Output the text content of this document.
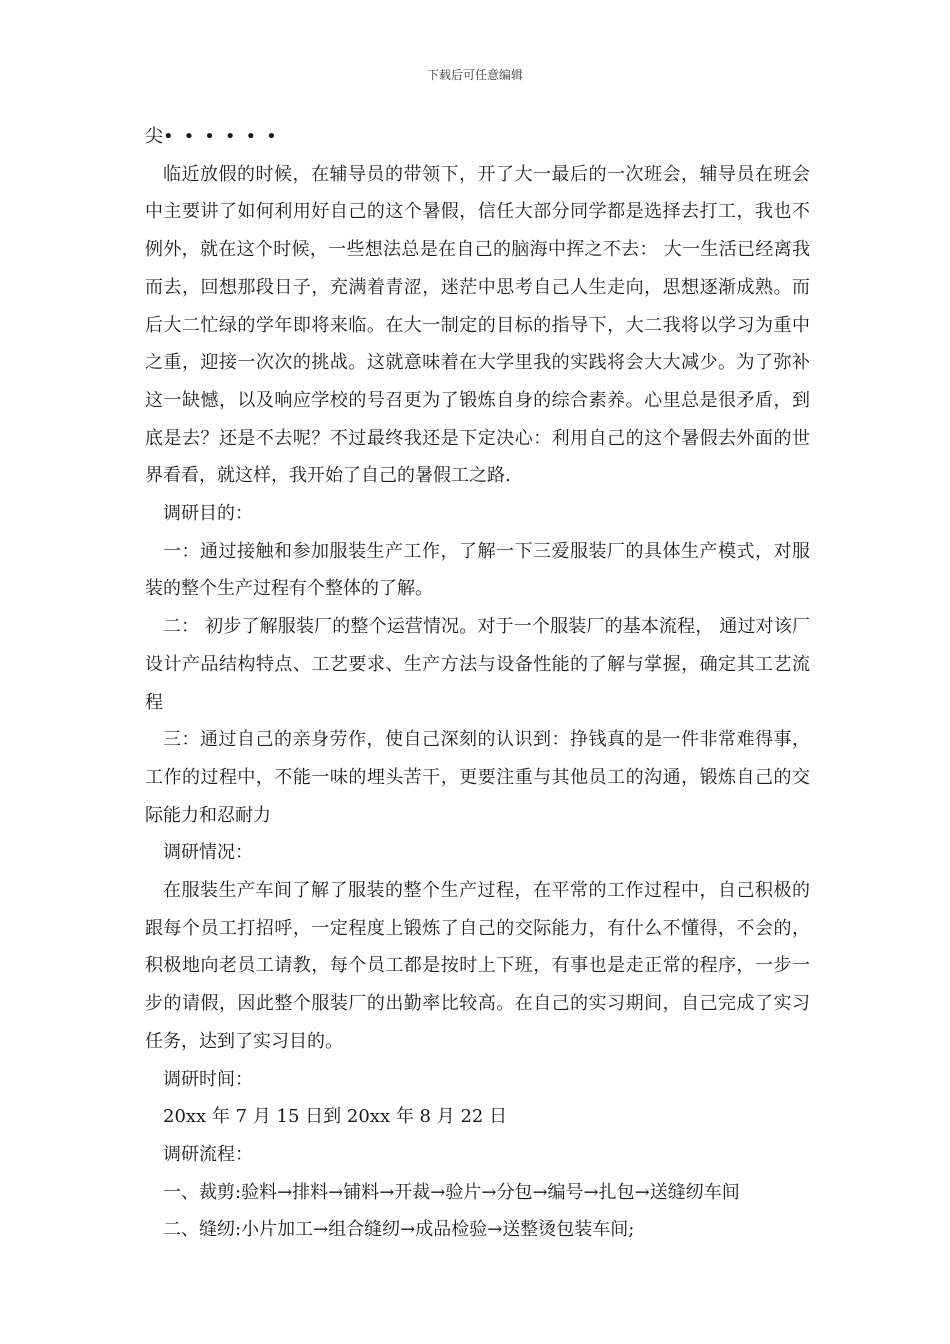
下载后可任意编辑

尖••••••

临近放假的时候，在辅导员的带领下，开了大一最后的一次班会，辅导员在班会中主要讲了如何利用好自己的这个暑假，信任大部分同学都是选择去打工，我也不例外，就在这个时候，一些想法总是在自己的脑海中挥之不去： 大一生活已经离我而去，回想那段日子，充满着青涩，迷茫中思考自己人生走向，思想逐渐成熟。而后大二忙绿的学年即将来临。在大一制定的目标的指导下，大二我将以学习为重中之重，迎接一次次的挑战。这就意味着在大学里我的实践将会大大减少。为了弥补这一缺憾，以及响应学校的号召更为了锻炼自身的综合素养。心里总是很矛盾，到底是去？还是不去呢？不过最终我还是下定决心：利用自己的这个暑假去外面的世界看看，就这样，我开始了自己的暑假工之路.

调研目的：

一：通过接触和参加服装生产工作，了解一下三爱服装厂的具体生产模式，对服装的整个生产过程有个整体的了解。

二： 初步了解服装厂的整个运营情况。对于一个服装厂的基本流程， 通过对该厂设计产品结构特点、工艺要求、生产方法与设备性能的了解与掌握，确定其工艺流程

三：通过自己的亲身劳作，使自己深刻的认识到：挣钱真的是一件非常难得事，工作的过程中，不能一味的埋头苦干，更要注重与其他员工的沟通，锻炼自己的交际能力和忍耐力

调研情况：

在服装生产车间了解了服装的整个生产过程，在平常的工作过程中，自己积极的跟每个员工打招呼，一定程度上锻炼了自己的交际能力，有什么不懂得，不会的，积极地向老员工请教，每个员工都是按时上下班，有事也是走正常的程序，一步一步的请假，因此整个服装厂的出勤率比较高。在自己的实习期间，自己完成了实习任务，达到了实习目的。

调研时间：

20xx 年 7 月 15 日到 20xx 年 8 月 22 日

调研流程：

一、裁剪:验料→排料→铺料→开裁→验片→分包→编号→扎包→送缝纫车间

二、缝纫:小片加工→组合缝纫→成品检验→送整烫包装车间;
